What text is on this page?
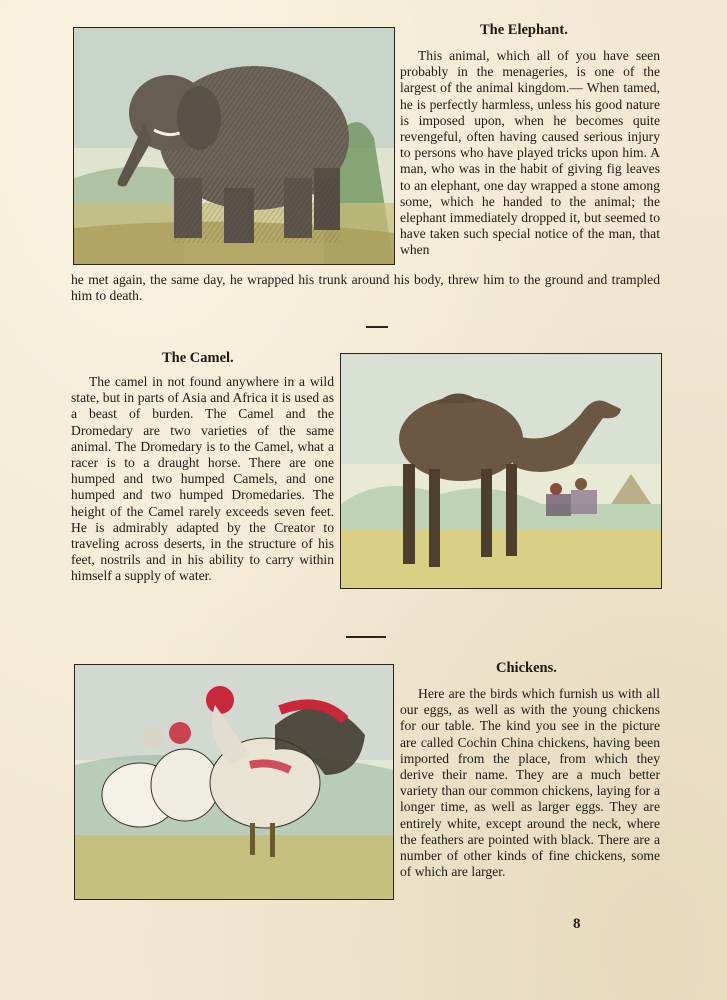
The Elephant.

This animal, which all of you have seen probably in the menageries, is one of the largest of the animal kingdom.— When tamed, he is perfectly harmless, unless his good nature is imposed upon, when he becomes quite revengeful, often having caused serious injury to persons who have played tricks upon him. A man, who was in the habit of giving fig leaves to an elephant, one day wrapped a stone among some, which he handed to the animal; the elephant immediately dropped it, but seemed to have taken such special notice of the man, that when

he met again, the same day, he wrapped his trunk around his body, threw him to the ground and trampled him to death.

The Camel.

The camel in not found anywhere in a wild state, but in parts of Asia and Africa it is used as a beast of burden. The Camel and the Dromedary are two varieties of the same animal. The Dromedary is to the Camel, what a racer is to a draught horse. There are one humped and two humped Camels, and one humped and two humped Dromedaries. The height of the Camel rarely exceeds seven feet. He is admirably adapted by the Creator to traveling across deserts, in the structure of his feet, nostrils and in his ability to carry within himself a supply of water.

Chickens.

Here are the birds which furnish us with all our eggs, as well as with the young chickens for our table. The kind you see in the picture are called Cochin China chickens, having been imported from the place, from which they derive their name. They are a much better variety than our common chickens, laying for a longer time, as well as larger eggs. They are entirely white, except around the neck, where the feathers are pointed with black. There are a number of other kinds of fine chickens, some of which are larger.

8
